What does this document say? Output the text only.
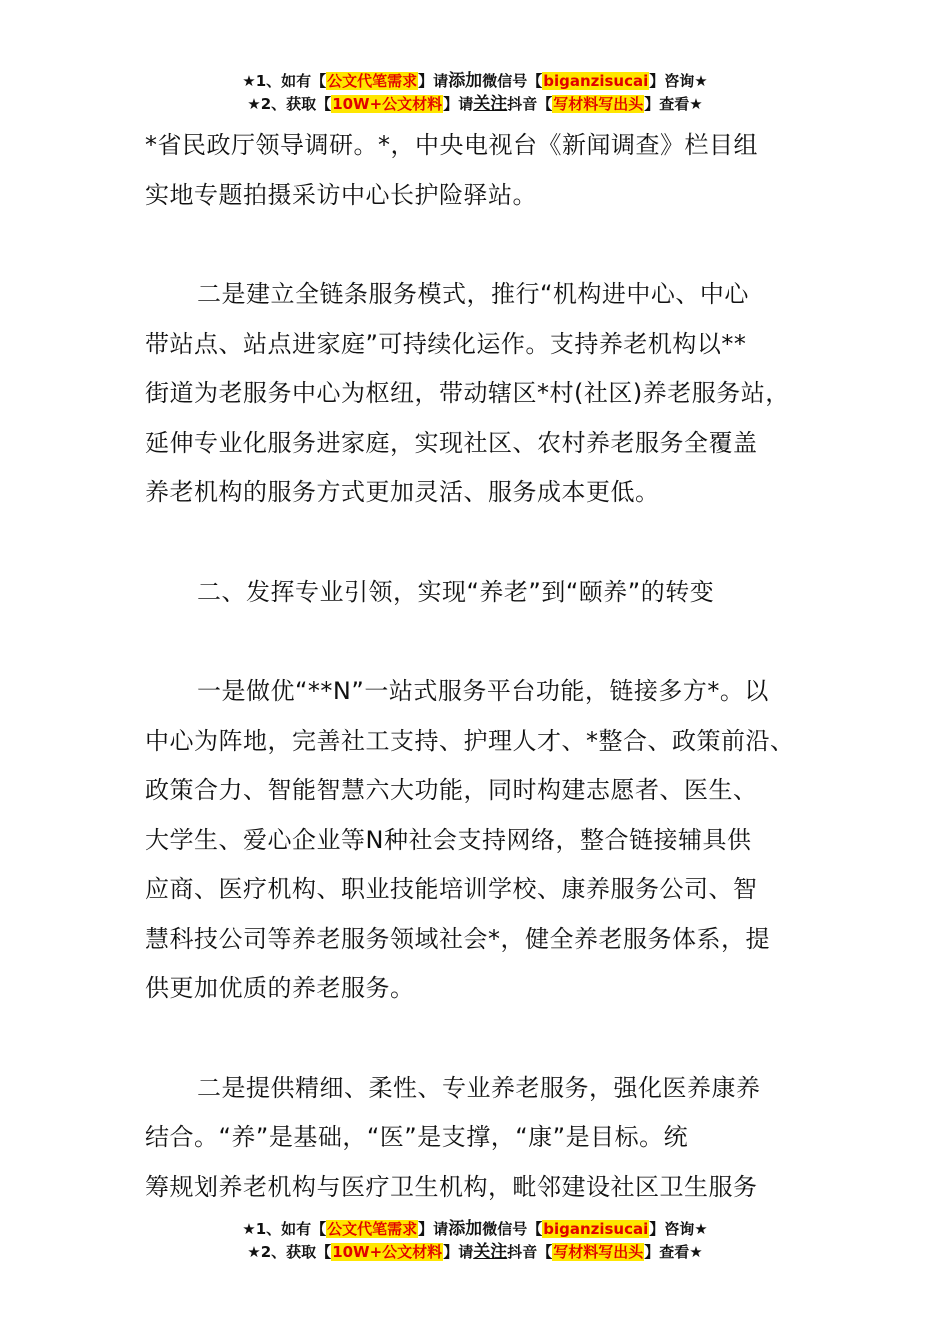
★1、如有【公文代笔需求】请添加微信号【biganzisucai】咨询★
★2、获取【10W+公文材料】请关注抖音【写材料写出头】查看★
*省民政厅领导调研。*，中央电视台《新闻调查》栏目组
实地专题拍摄采访中心长护险驿站。
二是建立全链条服务模式，推行“机构进中心、中心
带站点、站点进家庭”可持续化运作。支持养老机构以**
街道为老服务中心为枢纽，带动辖区*村(社区)养老服务站，
延伸专业化服务进家庭，实现社区、农村养老服务全覆盖
养老机构的服务方式更加灵活、服务成本更低。
二、发挥专业引领，实现“养老”到“颐养”的转变
一是做优“**N”一站式服务平台功能，链接多方*。以
中心为阵地，完善社工支持、护理人才、*整合、政策前沿、
政策合力、智能智慧六大功能，同时构建志愿者、医生、
大学生、爱心企业等N种社会支持网络，整合链接辅具供
应商、医疗机构、职业技能培训学校、康养服务公司、智
慧科技公司等养老服务领域社会*，健全养老服务体系，提
供更加优质的养老服务。
二是提供精细、柔性、专业养老服务，强化医养康养
结合。“养”是基础，“医”是支撑，“康”是目标。统
筹规划养老机构与医疗卫生机构，毗邻建设社区卫生服务
★1、如有【公文代笔需求】请添加微信号【biganzisucai】咨询★
★2、获取【10W+公文材料】请关注抖音【写材料写出头】查看★
